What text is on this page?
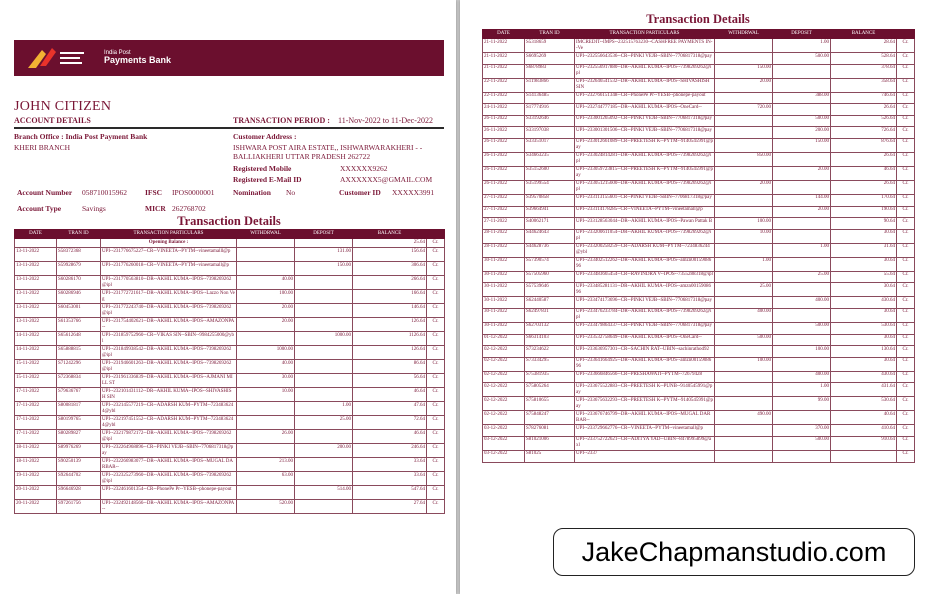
India Post
Payments Bank
JOHN CITIZEN
ACCOUNT DETAILS	TRANSACTION PERIOD : 11-Nov-2022 to 11-Dec-2022
Branch Office : India Post Payment Bank
KHERI BRANCH
Customer Address :
ISHWARA POST AIRA ESTATE,, ISHWARWARAKHERI - -
BALLIAKHERI UTTAR PRADESH 262722
Registered Mobile	XXXXXX9262
Registered E-Mail ID	AXXXXXX5@GMAIL.COM
Account Number 058710015962 IFSC IPOS0000001 Nomination No	Customer ID XXXXX3991
Account Type	Savings	MICR 262768702
Transaction Details
DATE	TRAN ID	TRANSACTION PARTICULARS	WITHDRWAL	DEPOSIT	BALANCE	
		Opening Balance :			25.64	Cr.
13-11-2022	S58372368	UPI--231776675227--CR--VINEETA--PYTM--vineetamalll@p		131.00	156.64	Cr.
13-11-2022	S59928679	UPI--231776260018--CR--VINEETA--PYTM--vineetamall@p		150.00	306.64	Cr.
13-11-2022	S60286170	UPI--231770563810--DR--AKHIL KUMA--IPOS--7398269262@ipl	40.00		266.64	Cr.
13-11-2022	S60286946	UPI--231772721617--DR--AKHIL KUMA--IPOS--Lazzo Non Veg	100.00		166.64	Cr.
13-11-2022	S60453001	UPI--231772243740--DR--AKHIL KUMA--IPOS--7398269262@ipl	20.00		146.64	Cr.
13-11-2022	S61353766	UPI--231754402621--DR--AKHIL KUMA--IPOS--AMAZONPA--	20.00		126.64	Cr.
14-11-2022	S65612648	UPI--231859752960--CR--VIKAS SIN--SBIN--9984255000@ybl		1000.00	1126.64	Cr.
14-11-2022	S65888815	UPI--231849938542--DR--AKHIL KUMA--IPOS--7398269262@ipl	1000.00		126.64	Cr.
15-11-2022	S71242296	UPI--231946601263--DR--AKHIL KUMA--IPOS--7398269262@ipl	40.00		86.64	Cr.
15-11-2022	S72368834	UPI--231961336839--DR--AKHIL KUMA--IPOS--AJMANI MILL ST	30.00		56.64	Cr.
17-11-2022	S79636767	UPI--232101431112--DR--AKHIL KUMA--IPOS--SHIVASHISH SIN	10.00		46.64	Cr.
17-11-2022	S80081817	UPI--232145577219--CR--ADARSH KUM--PYTM--7234836244@ybl		1.00	47.64	Cr.
17-11-2022	S80199765	UPI--232197451552--CR--ADARSH KUM--PYTM--7234836244@ybl		25.00	72.64	Cr.
17-11-2022	S80289827	UPI--232179872172--DR--AKHIL KUMA--IPOS--7398269262@ipl	26.00		46.64	Cr.
18-11-2022	S89976269	UPI--232264968896--CR--PINKI VEJB--SBIN--7706817318@pay		200.00	246.64	Cr.
18-11-2022	S90250139	UPI--232266983077--DR--AKHIL KUMA--IPOS--MUGAL DARBAR--	213.00		33.64	Cr.
19-11-2022	S92644702	UPI--232325273960--DR--AKHIL KUMA--IPOS--7398269262@ipl	63.00		33.64	Cr.
20-11-2022	S96646928	UPI--232461601354--CR--PhonePe Pr--YESB--phonepe-payout		514.00	547.64	Cr.
20-11-2022	S97261756	UPI--232492148566--DR--AKHIL KUMA--IPOS--AMAZONPA--	520.00		27.64	Cr.
Transaction Details
DATE	TRAN ID	TRANSACTION PARTICULARS	WITHDRWAL	DEPOSIT	BALANCE	
21-11-2022	S5318659	IMCREDIT--IMPS--232515763230--CASHFREE PAYMENTS IN--Ve		1.00	28.64	Cr.
21-11-2022	S6695269	UPI--232556643536--CR--PINKI VEJB--SBIN--7706817318@pay		500.00	528.64	Cr.
21-11-2022	S6878983	UPI--232556917880--DR--AKHIL KUMA--IPOS--7398269262@ipl	150.00		378.64	Cr.
22-11-2022	S11983866	UPI--232646541532--DR--AKHIL KUMA--IPOS--SHIVASHISH SIN	20.00		358.64	Cr.
22-11-2022	S14136485	UPI--232766151348--CR--PhonePe Pr--YESB--phonepe-payout		388.00	746.64	Cr.
24-11-2022	S17774916	UPI--232744777185--DR--AKHIL KUMA--IPOS--OneCard--	720.00		26.64	Cr.
26-11-2022	S33192646	UPI--233001265092--CR--PINKI VEJB--SBIN--7706817318@pay		500.00	526.64	Cr.
26-11-2022	S33197038	UPI--233001301506--CR--PINKI VEJB--SBIN--7706817318@pay		200.00	726.64	Cr.
26-11-2022	S33351017	UPI--233012661089--CR--PREETESH K--PYTM--9140545991@pay		150.00	876.64	Cr.
26-11-2022	S34663235	UPI--233024814281--DR--AKHIL KUMA--IPOS--7398269262@ipl	850.00		26.64	Cr.
26-11-2022	S35152600	UPI--233059723815--CR--PREETESH K--PYTM--9140545991@pay		20.00	46.64	Cr.
26-11-2022	S35199554	UPI--233051215600--DR--AKHIL KUMA--IPOS--7398269262@ipl	20.00		26.64	Cr.
27-11-2022	S39570858	UPI--233113155601--CR--PINKI VEJB--SBIN--7706817318@pay		144.00	170.64	Cr.
27-11-2022	S39664941	UPI--233114178285--CR--VINEETA--PYTM--vineetamall@p		20.00	190.64	Cr.
27-11-2022	S40062171	UPI--233128563044--DR--AKHIL KUMA--IPOS--Pawan Pattak B	100.00		90.64	Cr.
28-11-2022	S44624643	UPI--233200611054--DR--AKHIL KUMA--IPOS--7398269262@ipl	10.00		30.64	Cr.
28-11-2022	S44628736	UPI--233200258259--CR--ADARSH KUM--PYTM--7234836244@ybl		1.00	31.64	Cr.
30-11-2022	S57390574	UPI--233402512262--DR--AKHIL KUMA--IPOS--amzn0015908696	1.00		30.64	Cr.
30-11-2022	S57505960	UPI--233483665454--CR--RAVINDRA V--IPOS--7355288318@ipl		25.00	55.64	Cr.
30-11-2022	S57539646	UPI--233485281131--DR--AKHIL KUMA--IPOS--amzn0015908696	25.00		30.64	Cr.
30-11-2022	S62440587	UPI--233474173696--CR--PINKI VEJB--SBIN--7706817318@pay		400.00	430.64	Cr.
30-11-2022	S62497831	UPI--233476233784--DR--AKHIL KUMA--IPOS--7398269262@ipl	400.00		30.64	Cr.
30-11-2022	S62703132	UPI--233479864337--CR--PINKI VEJB--SBIN--7706817318@pay		500.00	530.64	Cr.
01-12-2022	S66314103	UPI--233532758649--DR--AKHIL KUMA--IPOS--OneCard--	500.00		30.64	Cr.
02-12-2022	S73234622	UPI--233636957301--CR--SACHIN RAT--UBIN--sachinrathod92		100.00	130.64	Cr.
02-12-2022	S73334295	UPI--233641664925--DR--AKHIL KUMA--IPOS--amzn0015908696	100.00		30.64	Cr.
02-12-2022	S75381935	UPI--233666846566--CR--PRESHAWATI--PYTM--72679428		400.00	430.64	Cr.
02-12-2022	S75805264	UPI--233675522883--CR--PREETESH K--PUNB--9140545991@pay		1.00	431.64	Cr.
02-12-2022	S75810655	UPI--233675632293--CR--PREETESH K--PYTM--9140545991@pay		99.00	530.64	Cr.
02-12-2022	S75848247	UPI--233676746799--DR--AKHIL KUMA--IPOS--MUGAL DARBAR--	490.00		40.64	Cr.
03-12-2022	S78276081	UPI--233729662776--CR--VINEETA--PYTM--vineetamall@p		370.00	410.64	Cr.
03-12-2022	S81021006	UPI--233752722621--CR--ADITYA YAD--UBIN--8478995899@axl		500.00	910.64	Cr.
03-12-2022	S81025	UPI--2337				Cr.
JakeChapmanstudio.com
